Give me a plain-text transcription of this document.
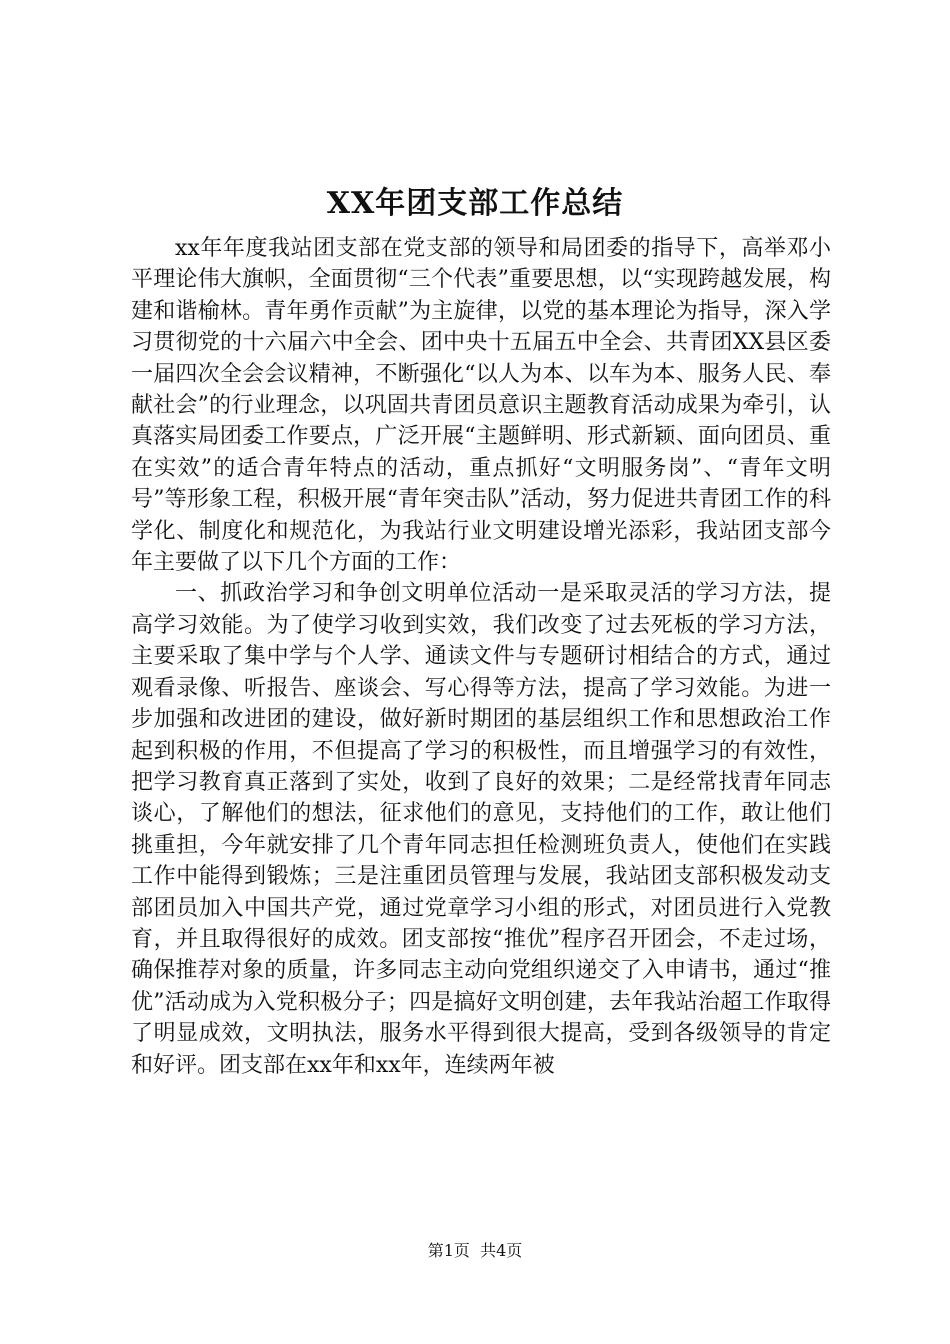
XX年团支部工作总结

xx年年度我站团支部在党支部的领导和局团委的指导下，高举邓小平理论伟大旗帜，全面贯彻“三个代表”重要思想，以“实现跨越发展，构建和谐榆林。青年勇作贡献”为主旋律，以党的基本理论为指导，深入学习贯彻党的十六届六中全会、团中央十五届五中全会、共青团XX县区委一届四次全会会议精神，不断强化“以人为本、以车为本、服务人民、奉献社会”的行业理念，以巩固共青团员意识主题教育活动成果为牵引，认真落实局团委工作要点，广泛开展“主题鲜明、形式新颖、面向团员、重在实效”的适合青年特点的活动，重点抓好“文明服务岗”、“青年文明号”等形象工程，积极开展“青年突击队”活动，努力促进共青团工作的科学化、制度化和规范化，为我站行业文明建设增光添彩，我站团支部今年主要做了以下几个方面的工作：

一、抓政治学习和争创文明单位活动一是采取灵活的学习方法，提高学习效能。为了使学习收到实效，我们改变了过去死板的学习方法，主要采取了集中学与个人学、通读文件与专题研讨相结合的方式，通过观看录像、听报告、座谈会、写心得等方法，提高了学习效能。为进一步加强和改进团的建设，做好新时期团的基层组织工作和思想政治工作起到积极的作用，不但提高了学习的积极性，而且增强学习的有效性，把学习教育真正落到了实处，收到了良好的效果；二是经常找青年同志谈心，了解他们的想法，征求他们的意见，支持他们的工作，敢让他们挑重担，今年就安排了几个青年同志担任检测班负责人，使他们在实践工作中能得到锻炼；三是注重团员管理与发展，我站团支部积极发动支部团员加入中国共产党，通过党章学习小组的形式，对团员进行入党教育，并且取得很好的成效。团支部按“推优”程序召开团会，不走过场，确保推荐对象的质量，许多同志主动向党组织递交了入申请书，通过“推优”活动成为入党积极分子；四是搞好文明创建，去年我站治超工作取得了明显成效，文明执法，服务水平得到很大提高，受到各级领导的肯定和好评。团支部在xx年和xx年，连续两年被

第1页 共4页
